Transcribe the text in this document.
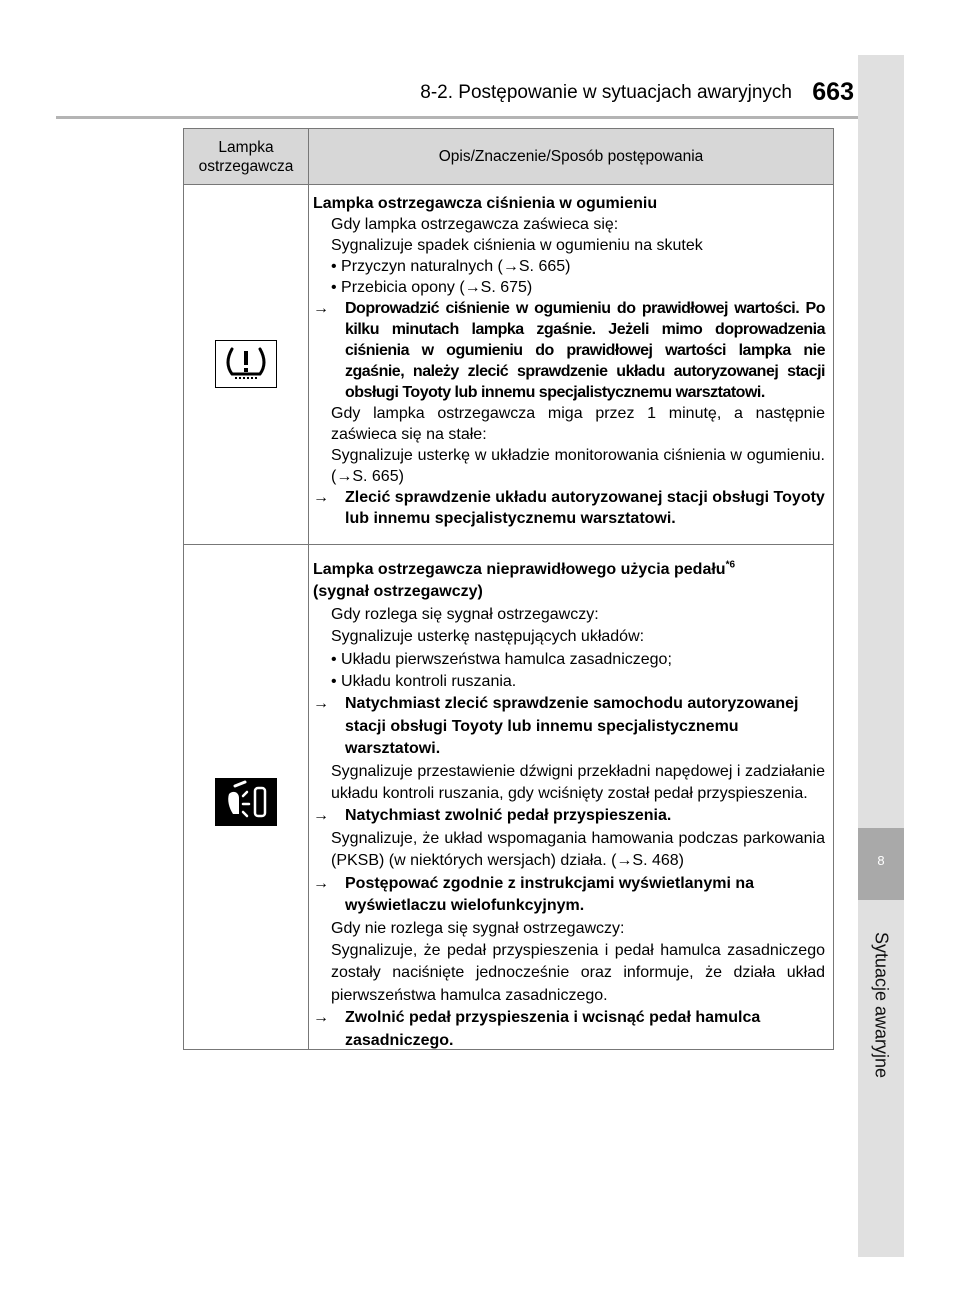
8-2. Postępowanie w sytuacjach awaryjnych 663
8
Sytuacje awaryjne
Lampka ostrzegawcza
Opis/Znaczenie/Sposób postępowania

Lampka ostrzegawcza ciśnienia w ogumieniu

Gdy lampka ostrzegawcza zaświeca się:

Sygnalizuje spadek ciśnienia w ogumieniu na skutek

• Przyczyn naturalnych (→S. 665)

• Przebicia opony (→S. 675)

→ Doprowadzić ciśnienie w ogumieniu do prawidłowej wartości. Po kilku minutach lampka zgaśnie. Jeżeli mimo doprowadzenia ciśnienia w ogumieniu do prawidłowej wartości lampka nie zgaśnie, należy zlecić sprawdzenie układu autoryzowanej stacji obsługi Toyoty lub innemu specjalistycznemu warsztatowi.

Gdy lampka ostrzegawcza miga przez 1 minutę, a następnie zaświeca się na stałe:

Sygnalizuje usterkę w układzie monitorowania ciśnienia w ogumieniu. (→S. 665)

→ Zlecić sprawdzenie układu autoryzowanej stacji obsługi Toyoty lub innemu specjalistycznemu warsztatowi.

Lampka ostrzegawcza nieprawidłowego użycia pedału$^{*6}$

(sygnał ostrzegawczy)

Gdy rozlega się sygnał ostrzegawczy:

Sygnalizuje usterkę następujących układów:

• Układu pierwszeństwa hamulca zasadniczego;

• Układu kontroli ruszania.

→ Natychmiast zlecić sprawdzenie samochodu autoryzowanej stacji obsługi Toyoty lub innemu specjalistycznemu warsztatowi.

Sygnalizuje przestawienie dźwigni przekładni napędowej i zadziałanie układu kontroli ruszania, gdy wciśnięty został pedał przyspieszenia.

→ Natychmiast zwolnić pedał przyspieszenia.

Sygnalizuje, że układ wspomagania hamowania podczas parkowania (PKSB) (w niektórych wersjach) działa. (→S. 468)

→ Postępować zgodnie z instrukcjami wyświetlanymi na wyświetlaczu wielofunkcyjnym.

Gdy nie rozlega się sygnał ostrzegawczy:

Sygnalizuje, że pedał przyspieszenia i pedał hamulca zasadniczego zostały naciśnięte jednocześnie oraz informuje, że działa układ pierwszeństwa hamulca zasadniczego.

→ Zwolnić pedał przyspieszenia i wcisnąć pedał hamulca zasadniczego.
